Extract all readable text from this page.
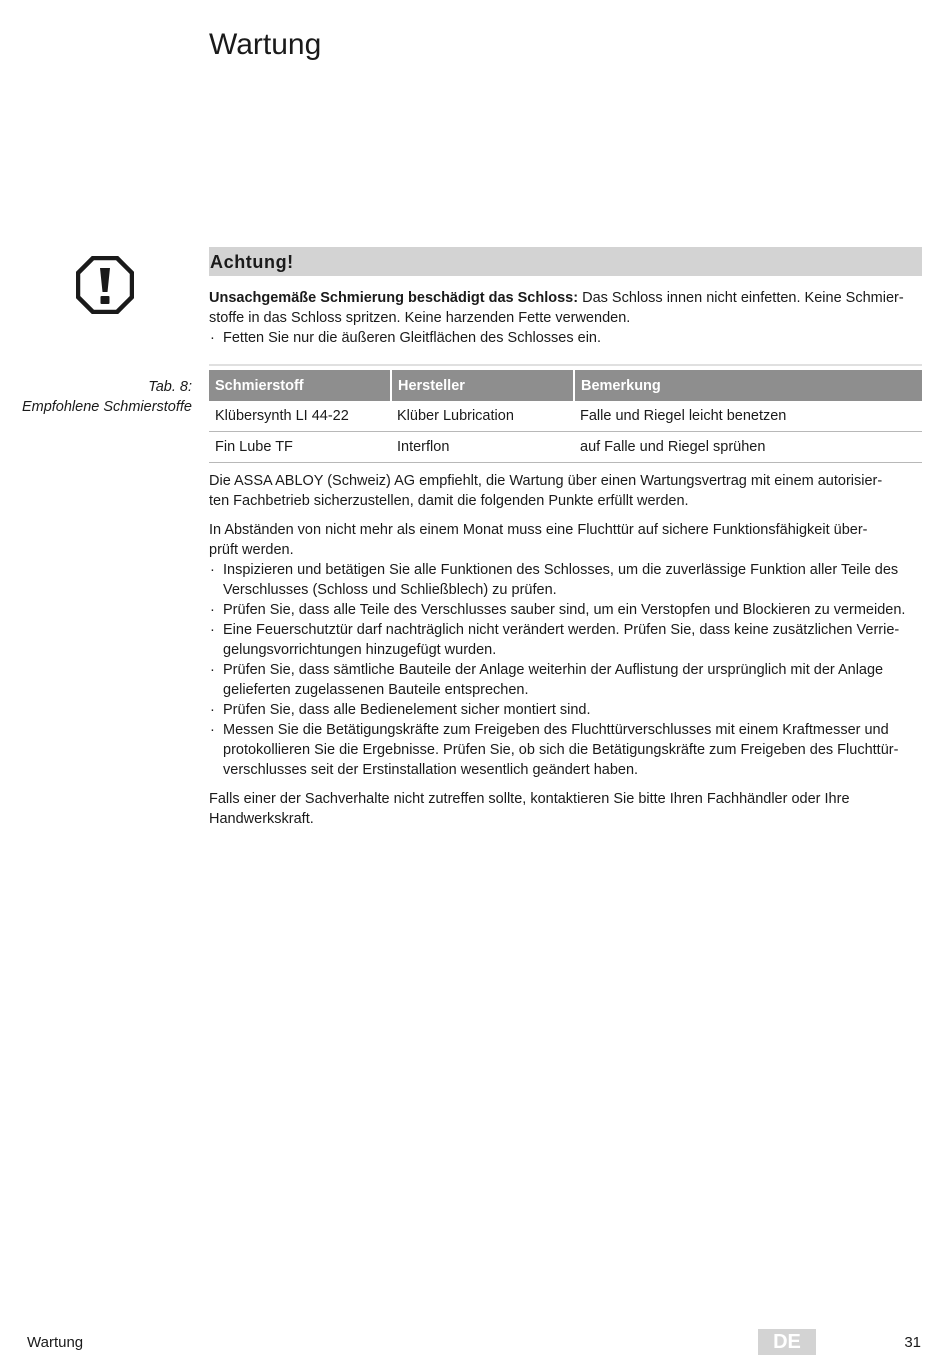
Wartung
Achtung!
Unsachgemäße Schmierung beschädigt das Schloss: Das Schloss innen nicht einfetten. Keine Schmier-
stoffe in das Schloss spritzen. Keine harzenden Fette verwenden.
· Fetten Sie nur die äußeren Gleitflächen des Schlosses ein.
Tab. 8:
Empfohlene Schmierstoffe
Schmierstoff	Hersteller	Bemerkung
Klübersynth LI 44-22	Klüber Lubrication	Falle und Riegel leicht benetzen
Fin Lube TF	Interflon	auf Falle und Riegel sprühen

Die ASSA ABLOY (Schweiz) AG empfiehlt, die Wartung über einen Wartungsvertrag mit einem autorisier-
ten Fachbetrieb sicherzustellen, damit die folgenden Punkte erfüllt werden.

In Abständen von nicht mehr als einem Monat muss eine Fluchttür auf sichere Funktionsfähigkeit über-
prüft werden.
· Inspizieren und betätigen Sie alle Funktionen des Schlosses, um die zuverlässige Funktion aller Teile des
Verschlusses (Schloss und Schließblech) zu prüfen.
· Prüfen Sie, dass alle Teile des Verschlusses sauber sind, um ein Verstopfen und Blockieren zu vermeiden.
· Eine Feuerschutztür darf nachträglich nicht verändert werden. Prüfen Sie, dass keine zusätzlichen Verrie-
gelungsvorrichtungen hinzugefügt wurden.
· Prüfen Sie, dass sämtliche Bauteile der Anlage weiterhin der Auflistung der ursprünglich mit der Anlage
gelieferten zugelassenen Bauteile entsprechen.
· Prüfen Sie, dass alle Bedienelement sicher montiert sind.
· Messen Sie die Betätigungskräfte zum Freigeben des Fluchttürverschlusses mit einem Kraftmesser und
protokollieren Sie die Ergebnisse. Prüfen Sie, ob sich die Betätigungskräfte zum Freigeben des Fluchttür-
verschlusses seit der Erstinstallation wesentlich geändert haben.

Falls einer der Sachverhalte nicht zutreffen sollte, kontaktieren Sie bitte Ihren Fachhändler oder Ihre
Handwerkskraft.

Wartung	DE	31
